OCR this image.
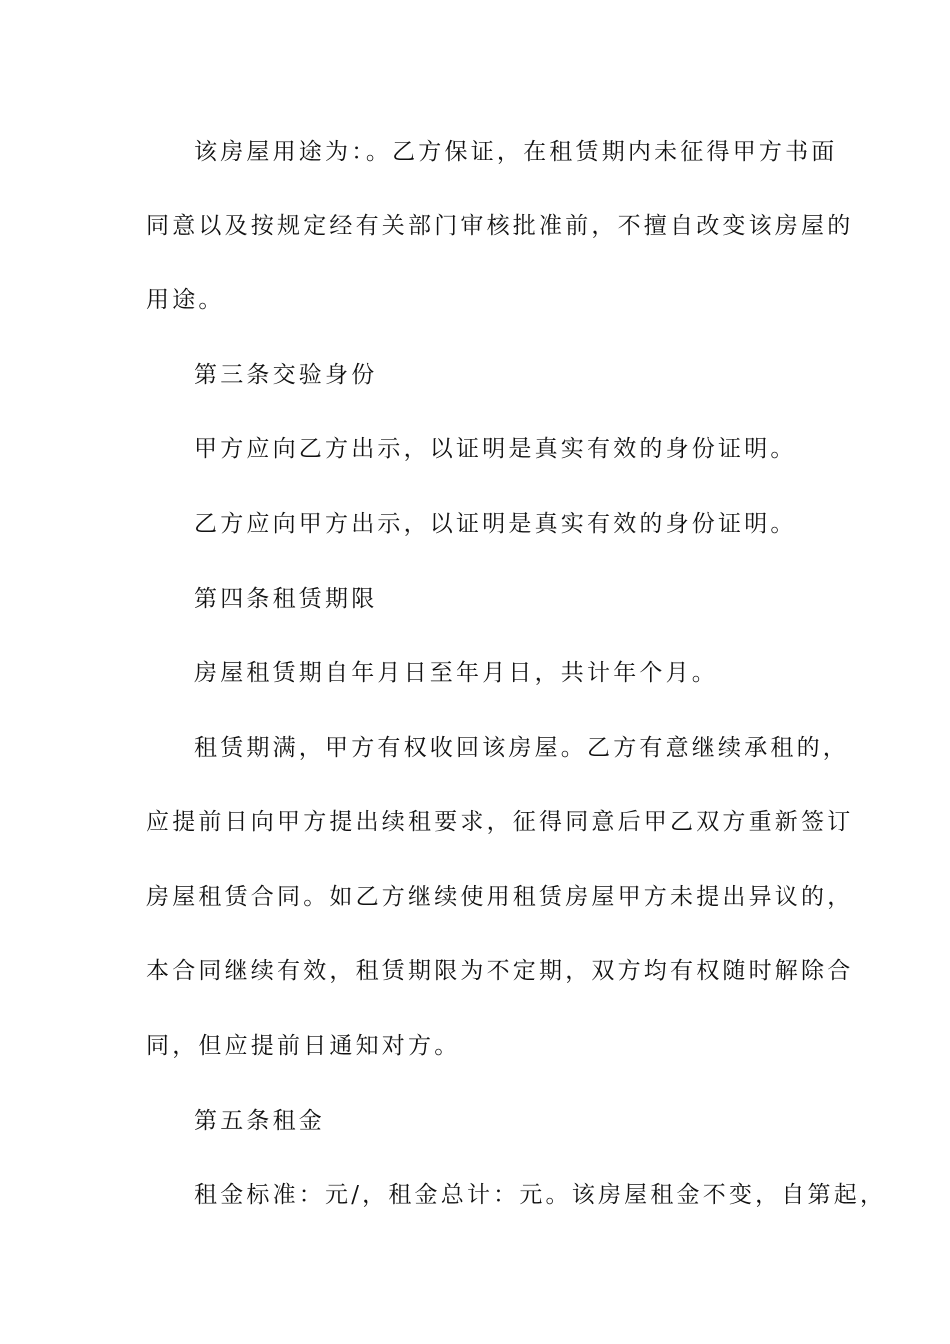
该房屋用途为：。乙方保证，在租赁期内未征得甲方书面

同意以及按规定经有关部门审核批准前，不擅自改变该房屋的

用途。

第三条交验身份

甲方应向乙方出示，以证明是真实有效的身份证明。

乙方应向甲方出示，以证明是真实有效的身份证明。

第四条租赁期限

房屋租赁期自年月日至年月日，共计年个月。

租赁期满，甲方有权收回该房屋。乙方有意继续承租的，

应提前日向甲方提出续租要求，征得同意后甲乙双方重新签订

房屋租赁合同。如乙方继续使用租赁房屋甲方未提出异议的，

本合同继续有效，租赁期限为不定期，双方均有权随时解除合

同，但应提前日通知对方。

第五条租金

租金标准：元/，租金总计：元。该房屋租金不变，自第起，
